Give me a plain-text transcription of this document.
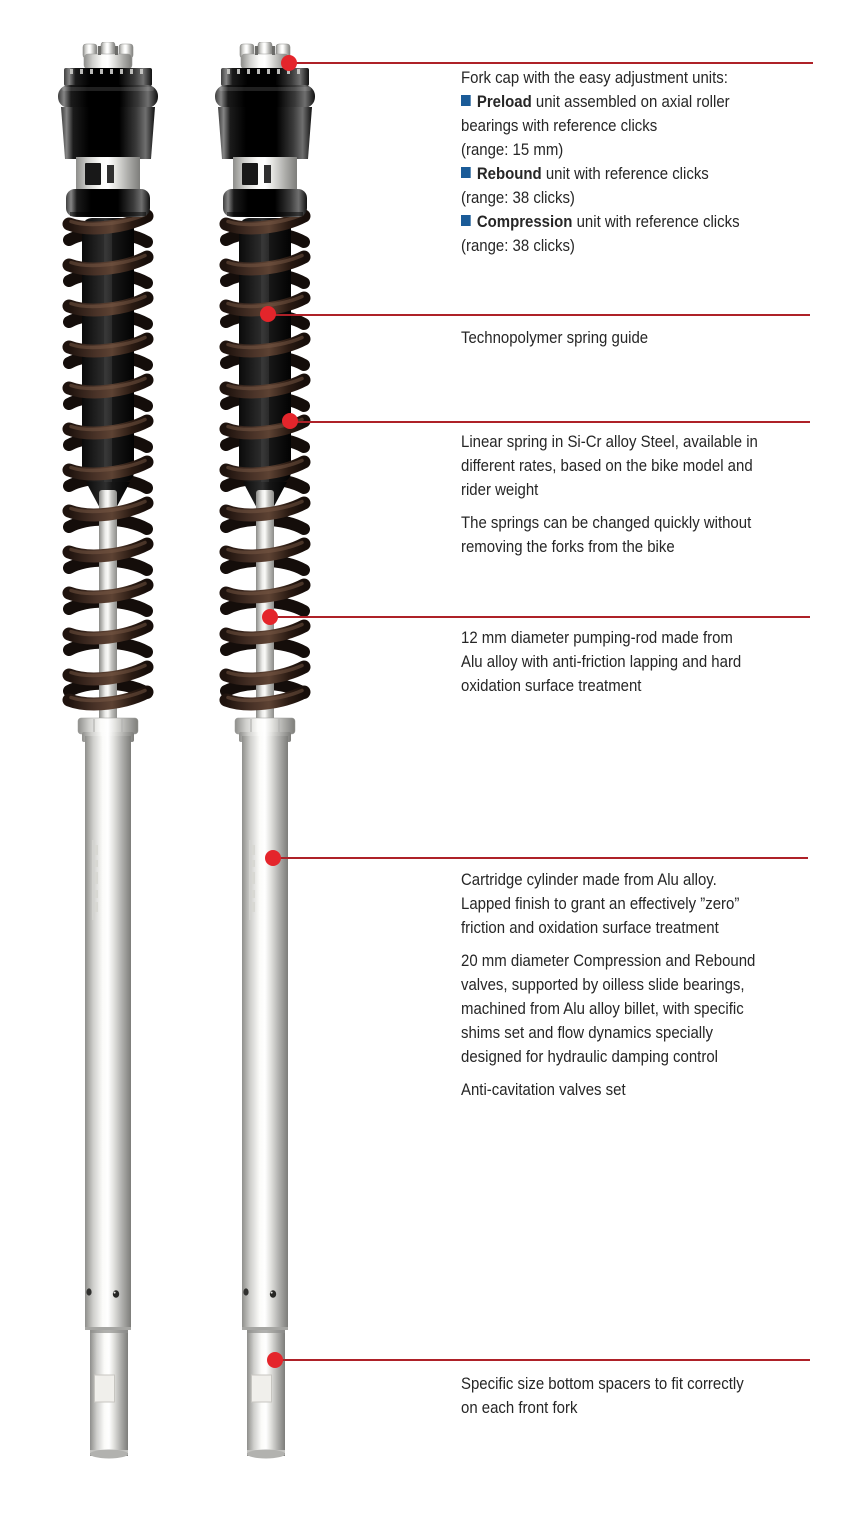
Fork cap with the easy adjustment units:
Preload unit assembled on axial roller
bearings with reference clicks
(range: 15 mm)
Rebound unit with reference clicks
(range: 38 clicks)
Compression unit with reference clicks
(range: 38 clicks)
Technopolymer spring guide
Linear spring in Si-Cr alloy Steel, available in
different rates, based on the bike model and
rider weight
The springs can be changed quickly without
removing the forks from the bike
12 mm diameter pumping-rod made from
Alu alloy with anti-friction lapping and hard
oxidation surface treatment
Cartridge cylinder made from Alu alloy.
Lapped finish to grant an effectively ”zero”
friction and oxidation surface treatment
20 mm diameter Compression and Rebound
valves, supported by oilless slide bearings,
machined from Alu alloy billet, with specific
shims set and flow dynamics specially
designed for hydraulic damping control
Anti-cavitation valves set
Specific size bottom spacers to fit correctly
on each front fork
